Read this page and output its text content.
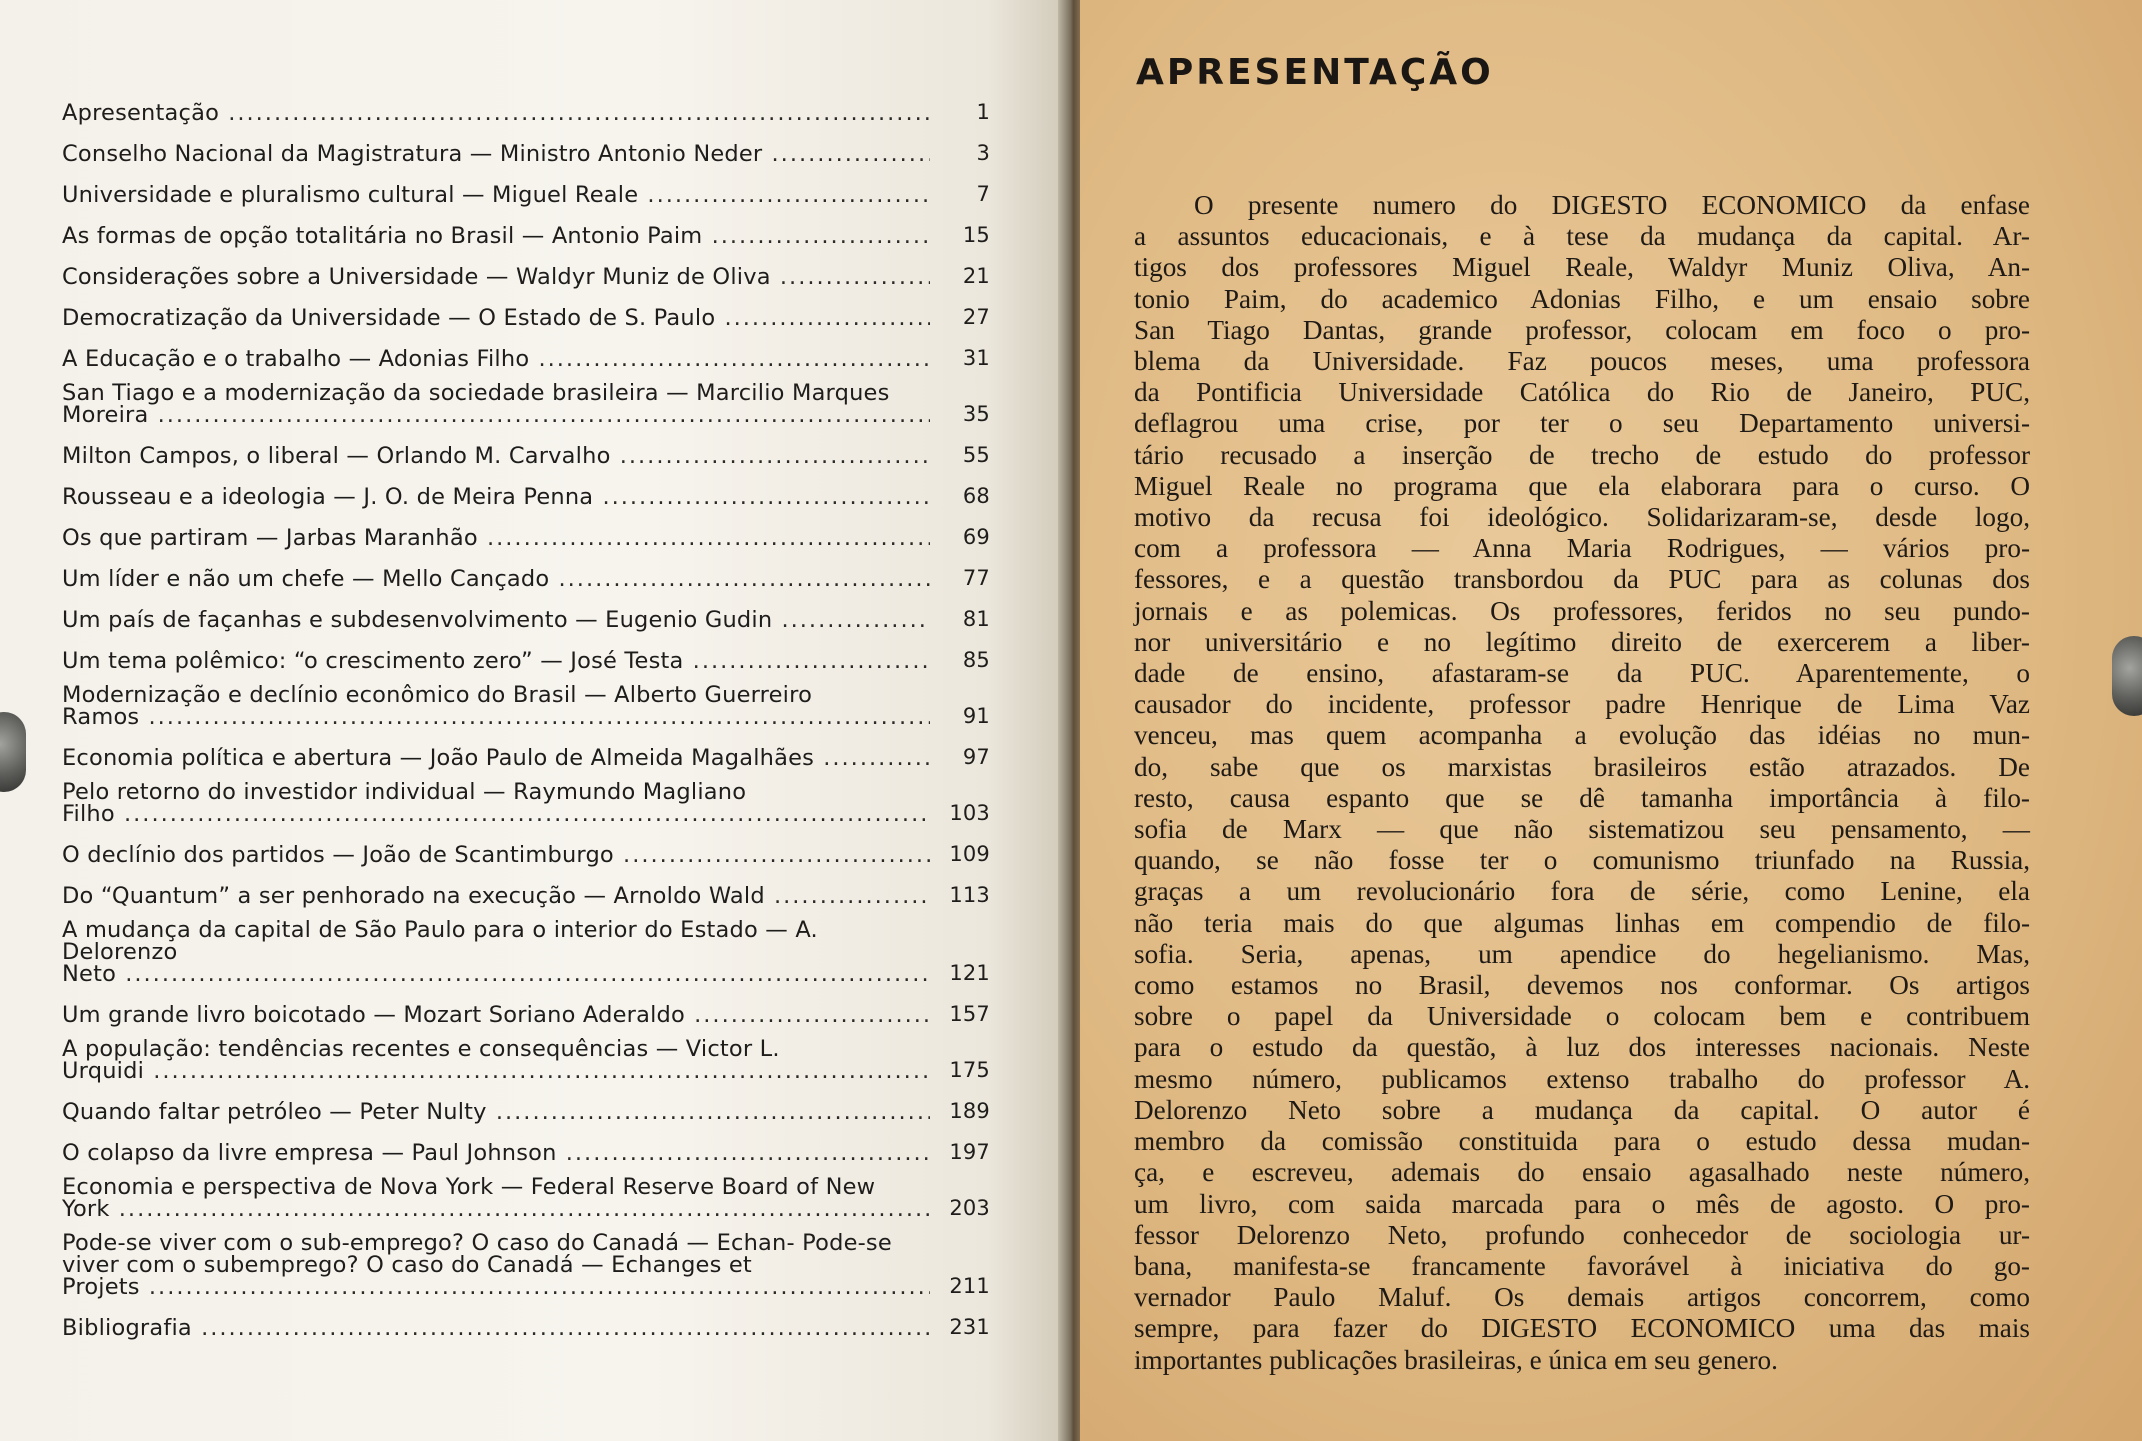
Apresentação .....	1
Conselho Nacional da Magistratura — Ministro Antonio Neder .....	3
Universidade e pluralismo cultural — Miguel Reale .....	7
As formas de opção totalitária no Brasil — Antonio Paim .....	15
Considerações sobre a Universidade — Waldyr Muniz de Oliva .....	21
Democratização da Universidade — O Estado de S. Paulo .....	27
A Educação e o trabalho — Adonias Filho .....	31
San Tiago e a modernização da sociedade brasileira — Marcilio Marques Moreira .....	35
Milton Campos, o liberal — Orlando M. Carvalho .....	55
Rousseau e a ideologia — J. O. de Meira Penna .....	68
Os que partiram — Jarbas Maranhão .....	69
Um líder e não um chefe — Mello Cançado .....	77
Um país de façanhas e subdesenvolvimento — Eugenio Gudin .....	81
Um tema polêmico: “o crescimento zero” — José Testa .....	85
Modernização e declínio econômico do Brasil — Alberto Guerreiro Ramos .....	91
Economia política e abertura — João Paulo de Almeida Magalhães .....	97
Pelo retorno do investidor individual — Raymundo Magliano Filho .....	103
O declínio dos partidos — João de Scantimburgo .....	109
Do “Quantum” a ser penhorado na execução — Arnoldo Wald .....	113
A mudança da capital de São Paulo para o interior do Estado — A. Delorenzo Neto .....	121
Um grande livro boicotado — Mozart Soriano Aderaldo .....	157
A população: tendências recentes e consequências — Victor L. Urquidi .....	175
Quando faltar petróleo — Peter Nulty .....	189
O colapso da livre empresa — Paul Johnson .....	197
Economia e perspectiva de Nova York — Federal Reserve Board of New York .....	203
Pode-se viver com o sub-emprego? O caso do Canadá — Echan- Pode-se viver com o subemprego? O caso do Canadá — Echanges et Projets .....	211
Bibliografia .....	231
APRESENTAÇÃO
O presente numero do DIGESTO ECONOMICO da enfase
a assuntos educacionais, e à tese da mudança da capital. Ar-
tigos dos professores Miguel Reale, Waldyr Muniz Oliva, An-
tonio Paim, do academico Adonias Filho, e um ensaio sobre
San Tiago Dantas, grande professor, colocam em foco o pro-
blema da Universidade. Faz poucos meses, uma professora
da Pontificia Universidade Católica do Rio de Janeiro, PUC,
deflagrou uma crise, por ter o seu Departamento universi-
tário recusado a inserção de trecho de estudo do professor
Miguel Reale no programa que ela elaborara para o curso. O
motivo da recusa foi ideológico. Solidarizaram-se, desde logo,
com a professora — Anna Maria Rodrigues, — vários pro-
fessores, e a questão transbordou da PUC para as colunas dos
jornais e as polemicas. Os professores, feridos no seu pundo-
nor universitário e no legítimo direito de exercerem a liber-
dade de ensino, afastaram-se da PUC. Aparentemente, o
causador do incidente, professor padre Henrique de Lima Vaz
venceu, mas quem acompanha a evolução das idéias no mun-
do, sabe que os marxistas brasileiros estão atrazados. De
resto, causa espanto que se dê tamanha importância à filo-
sofia de Marx — que não sistematizou seu pensamento, —
quando, se não fosse ter o comunismo triunfado na Russia,
graças a um revolucionário fora de série, como Lenine, ela
não teria mais do que algumas linhas em compendio de filo-
sofia. Seria, apenas, um apendice do hegelianismo. Mas,
como estamos no Brasil, devemos nos conformar. Os artigos
sobre o papel da Universidade o colocam bem e contribuem
para o estudo da questão, à luz dos interesses nacionais. Neste
mesmo número, publicamos extenso trabalho do professor A.
Delorenzo Neto sobre a mudança da capital. O autor é
membro da comissão constituida para o estudo dessa mudan-
ça, e escreveu, ademais do ensaio agasalhado neste número,
um livro, com saida marcada para o mês de agosto. O pro-
fessor Delorenzo Neto, profundo conhecedor de sociologia ur-
bana, manifesta-se francamente favorável à iniciativa do go-
vernador Paulo Maluf. Os demais artigos concorrem, como
sempre, para fazer do DIGESTO ECONOMICO uma das mais
importantes publicações brasileiras, e única em seu genero.
